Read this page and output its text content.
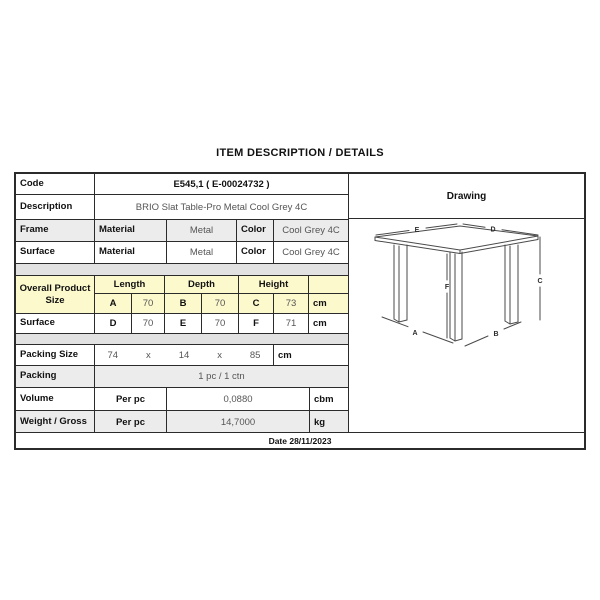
ITEM DESCRIPTION / DETAILS
Code	E545,1 ( E-00024732 )
Description	BRIO Slat Table-Pro Metal Cool Grey 4C
Frame	Material	Metal	Color	Cool Grey 4C
Surface	Material	Metal	Color	Cool Grey 4C
Overall Product Size
Length	Depth	Height
A	70	B	70	C	73	cm
Surface	D	70	E	70	F	71	cm
Packing Size	74	x	14	x	85	cm
Packing	1 pc / 1 ctn
Volume	Per pc	0,0880	cbm
Weight / Gross	Per pc	14,7000	kg
Drawing
E	D
C
F
A	B
Date 28/11/2023
